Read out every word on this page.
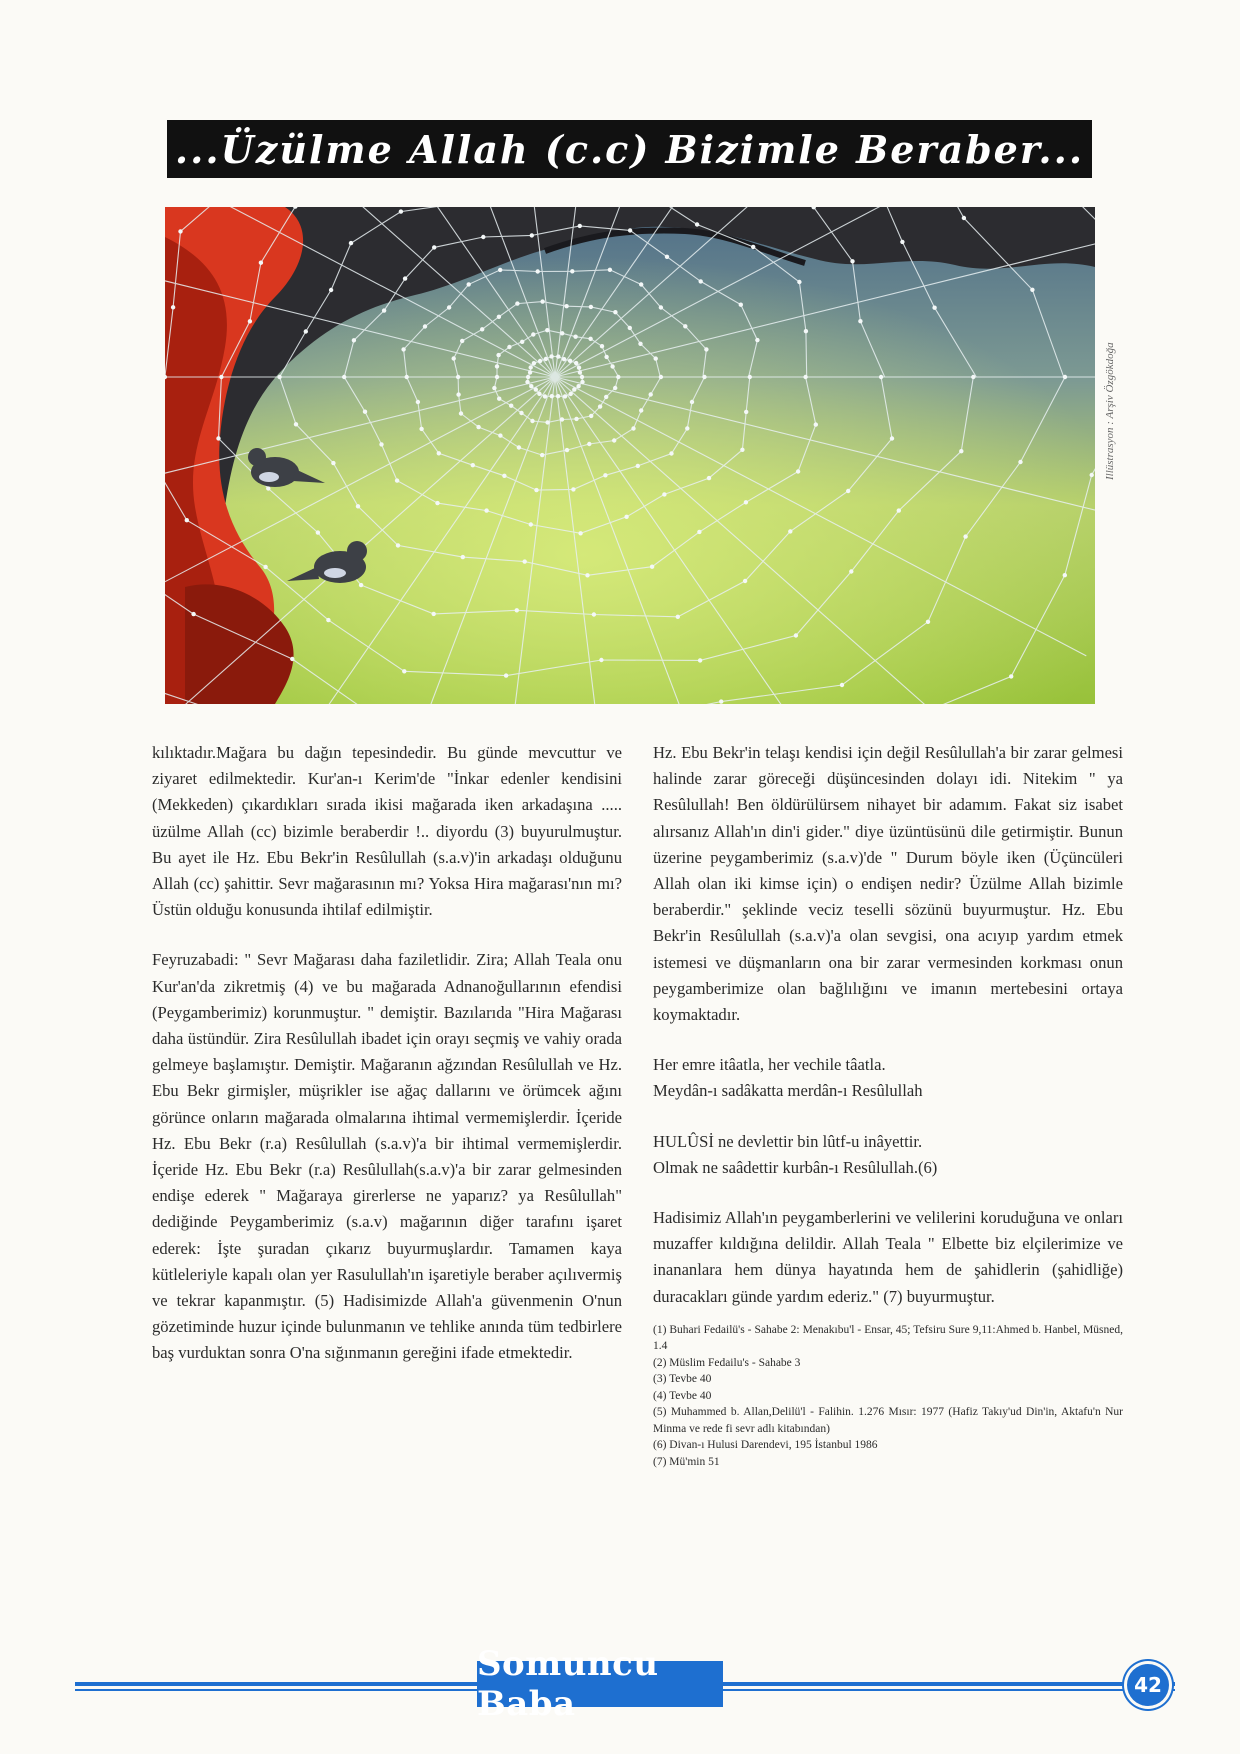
...Üzülme Allah (c.c) Bizimle Beraber...
Illüstrasyon : Arşiv Özgökdoğa

kılıktadır.Mağara bu dağın tepesindedir. Bu günde mevcuttur ve ziyaret edilmektedir. Kur'an-ı Kerim'de "İnkar edenler kendisini (Mekkeden) çıkardıkları sırada ikisi mağarada iken arkadaşına ..... üzülme Allah (cc) bizimle beraberdir !.. diyordu (3) buyurulmuştur. Bu ayet ile Hz. Ebu Bekr'in Resûlullah (s.a.v)'in arkadaşı olduğunu Allah (cc) şahittir. Sevr mağarasının mı? Yoksa Hira mağarası'nın mı? Üstün olduğu konusunda ihtilaf edilmiştir.

Feyruzabadi: " Sevr Mağarası daha faziletlidir. Zira; Allah Teala onu Kur'an'da zikretmiş (4) ve bu mağarada Adnanoğullarının efendisi (Peygamberimiz) korunmuştur. " demiştir. Bazılarıda "Hira Mağarası daha üstündür. Zira Resûlullah ibadet için orayı seçmiş ve vahiy orada gelmeye başlamıştır. Demiştir. Mağaranın ağzından Resûlullah ve Hz. Ebu Bekr girmişler, müşrikler ise ağaç dallarını ve örümcek ağını görünce onların mağarada olmalarına ihtimal vermemişlerdir. İçeride Hz. Ebu Bekr (r.a) Resûlullah (s.a.v)'a bir ihtimal vermemişlerdir. İçeride Hz. Ebu Bekr (r.a) Resûlullah(s.a.v)'a bir zarar gelmesinden endişe ederek " Mağaraya girerlerse ne yaparız? ya Resûlullah" dediğinde Peygamberimiz (s.a.v) mağarının diğer tarafını işaret ederek: İşte şuradan çıkarız buyurmuşlardır. Tamamen kaya kütleleriyle kapalı olan yer Rasulullah'ın işaretiyle beraber açılıvermiş ve tekrar kapanmıştır. (5) Hadisimizde Allah'a güvenmenin O'nun gözetiminde huzur içinde bulunmanın ve tehlike anında tüm tedbirlere baş vurduktan sonra O'na sığınmanın gereğini ifade etmektedir.

Hz. Ebu Bekr'in telaşı kendisi için değil Resûlullah'a bir zarar gelmesi halinde zarar göreceği düşüncesinden dolayı idi. Nitekim " ya Resûlullah! Ben öldürülürsem nihayet bir adamım. Fakat siz isabet alırsanız Allah'ın din'i gider." diye üzüntüsünü dile getirmiştir. Bunun üzerine peygamberimiz (s.a.v)'de " Durum böyle iken (Üçüncüleri Allah olan iki kimse için) o endişen nedir? Üzülme Allah bizimle beraberdir." şeklinde veciz teselli sözünü buyurmuştur. Hz. Ebu Bekr'in Resûlullah (s.a.v)'a olan sevgisi, ona acıyıp yardım etmek istemesi ve düşmanların ona bir zarar vermesinden korkması onun peygamberimize olan bağlılığını ve imanın mertebesini ortaya koymaktadır.

Her emre itâatla, her vechile tâatla.
Meydân-ı sadâkatta merdân-ı Resûlullah
HULÛSİ ne devlettir bin lûtf-u inâyettir.
Olmak ne saâdettir kurbân-ı Resûlullah.(6)

Hadisimiz Allah'ın peygamberlerini ve velilerini koruduğuna ve onları muzaffer kıldığına delildir. Allah Teala " Elbette biz elçilerimize ve inananlara hem dünya hayatında hem de şahidlerin (şahidliğe) duracakları günde yardım ederiz." (7) buyurmuştur.

(1) Buhari Fedailü's - Sahabe 2: Menakıbu'l - Ensar, 45; Tefsiru Sure 9,11:Ahmed b. Hanbel, Müsned, 1.4
(2) Müslim Fedailu's - Sahabe 3
(3) Tevbe 40
(4) Tevbe 40
(5) Muhammed b. Allan,Delilü'l - Falihin. 1.276 Mısır: 1977 (Hafiz Takıy'ud Din'in, Aktafu'n Nur Minma ve rede fi sevr adlı kitabından)
(6) Divan-ı Hulusi Darendevi, 195 İstanbul 1986
(7) Mü'min 51
Somuncu Baba	42
